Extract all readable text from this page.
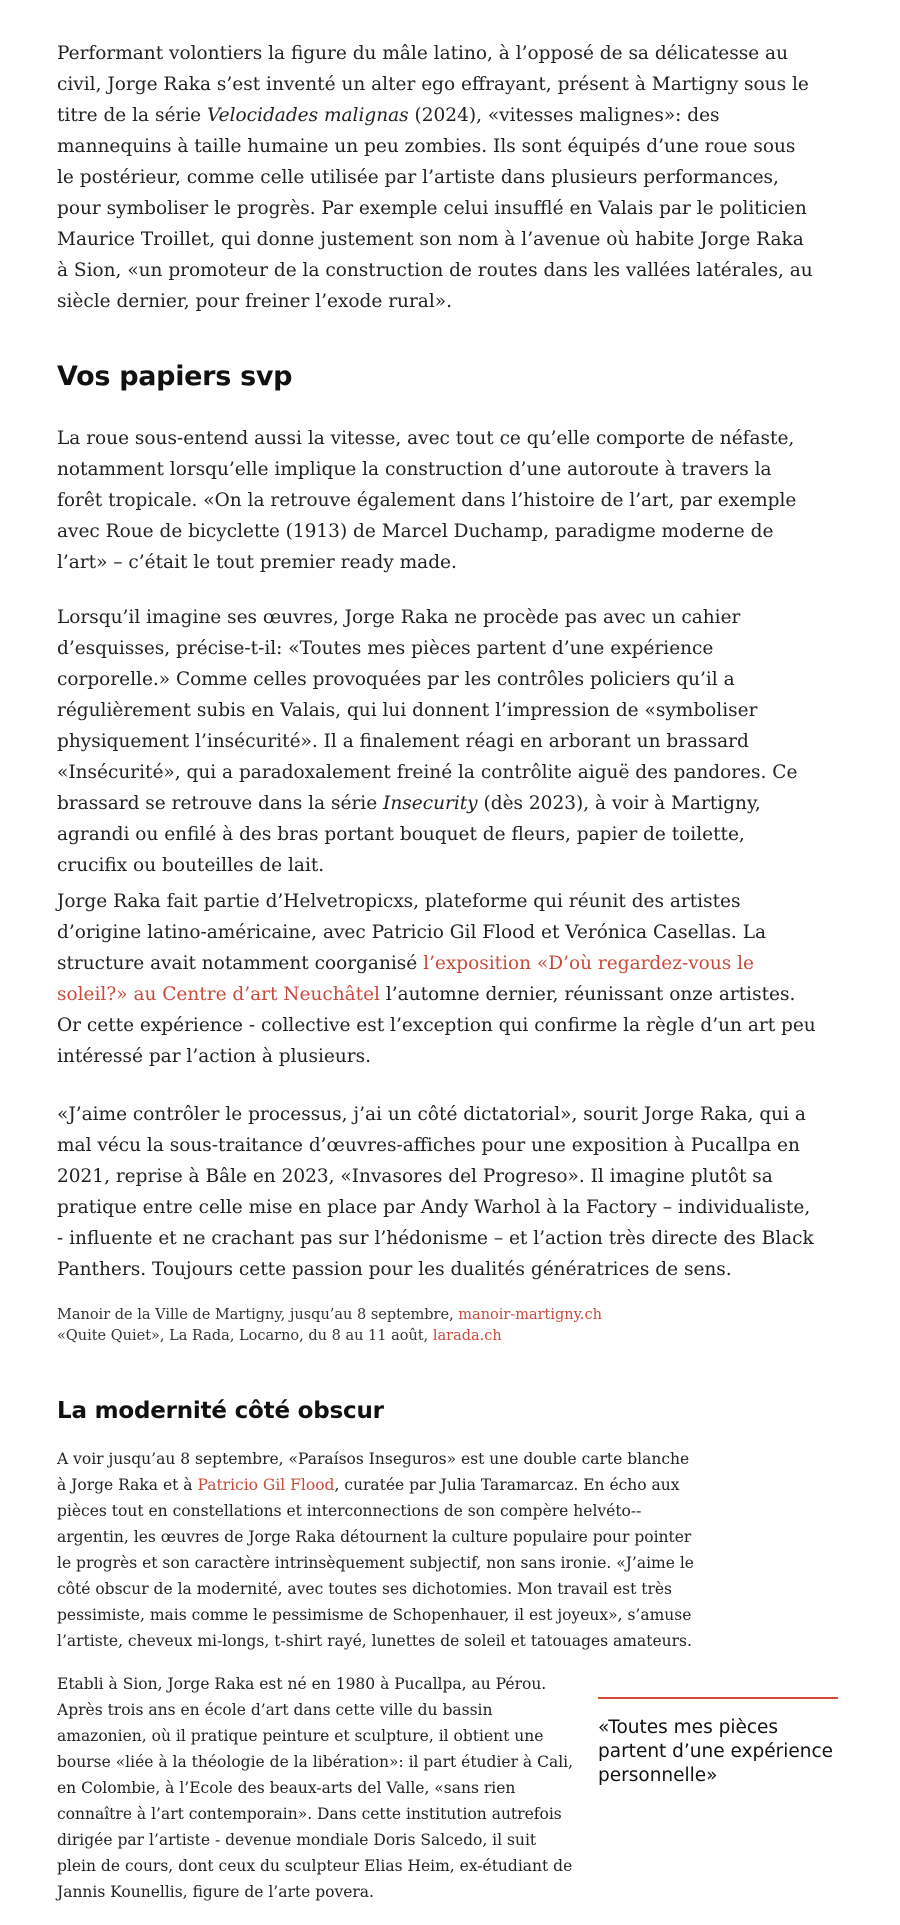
Performant volontiers la figure du mâle latino, à l’opposé de sa délicatesse au civil, Jorge Raka s’est inventé un alter ego effrayant, présent à Martigny sous le titre de la série Velocidades malignas (2024), «vitesses malignes»: des mannequins à taille humaine un peu zombies. Ils sont équipés d’une roue sous le postérieur, comme celle utilisée par l’artiste dans plusieurs performances, pour symboliser le progrès. Par exemple celui insufflé en Valais par le politicien Maurice Troillet, qui donne justement son nom à l’avenue où habite Jorge Raka à Sion, «un promoteur de la construction de routes dans les vallées latérales, au siècle dernier, pour freiner l’exode rural».

Vos papiers svp

La roue sous-entend aussi la vitesse, avec tout ce qu’elle comporte de néfaste, notamment lorsqu’elle implique la construction d’une autoroute à travers la forêt tropicale. «On la retrouve également dans l’histoire de l’art, par exemple avec Roue de bicyclette (1913) de Marcel Duchamp, paradigme moderne de l’art» – c’était le tout premier ready made.

Lorsqu’il imagine ses œuvres, Jorge Raka ne procède pas avec un cahier d’esquisses, précise-t-il: «Toutes mes pièces partent d’une expérience corporelle.» Comme celles provoquées par les contrôles policiers qu’il a régulièrement subis en Valais, qui lui donnent l’impression de «symboliser physiquement l’insécurité». Il a finalement réagi en arborant un brassard «Insécurité», qui a paradoxalement freiné la contrôlite aiguë des pandores. Ce brassard se retrouve dans la série Insecurity (dès 2023), à voir à Martigny, agrandi ou enfilé à des bras portant bouquet de fleurs, papier de toilette, crucifix ou bouteilles de lait.

Jorge Raka fait partie d’Helvetropicxs, plateforme qui réunit des artistes d’origine latino-américaine, avec Patricio Gil Flood et Verónica Casellas. La structure avait notamment coorganisé l’exposition «D’où regardez-vous le soleil?» au Centre d’art Neuchâtel l’automne dernier, réunissant onze artistes. Or cette expérience - collective est l’exception qui confirme la règle d’un art peu intéressé par l’action à plusieurs.

«J’aime contrôler le processus, j’ai un côté dictatorial», sourit Jorge Raka, qui a mal vécu la sous-traitance d’œuvres-affiches pour une exposition à Pucallpa en 2021, reprise à Bâle en 2023, «Invasores del Progreso». Il imagine plutôt sa pratique entre celle mise en place par Andy Warhol à la Factory – individualiste, - influente et ne crachant pas sur l’hédonisme – et l’action très directe des Black Panthers. Toujours cette passion pour les dualités génératrices de sens.

Manoir de la Ville de Martigny, jusqu’au 8 septembre, manoir-martigny.ch

«Quite Quiet», La Rada, Locarno, du 8 au 11 août, larada.ch

La modernité côté obscur

A voir jusqu’au 8 septembre, «Paraísos Inseguros» est une double carte blanche à Jorge Raka et à Patricio Gil Flood, curatée par Julia Taramarcaz. En écho aux pièces tout en constellations et interconnections de son compère helvéto-- argentin, les œuvres de Jorge Raka détournent la culture populaire pour pointer le progrès et son caractère intrinsèquement subjectif, non sans ironie. «J’aime le côté obscur de la modernité, avec toutes ses dichotomies. Mon travail est très pessimiste, mais comme le pessimisme de Schopenhauer, il est joyeux», s’amuse l’artiste, cheveux mi-longs, t-shirt rayé, lunettes de soleil et tatouages amateurs.

Etabli à Sion, Jorge Raka est né en 1980 à Pucallpa, au Pérou. Après trois ans en école d’art dans cette ville du bassin amazonien, où il pratique peinture et sculpture, il obtient une bourse «liée à la théologie de la libération»: il part étudier à Cali, en Colombie, à l’Ecole des beaux-arts del Valle, «sans rien connaître à l’art contemporain». Dans cette institution autrefois dirigée par l’artiste - devenue mondiale Doris Salcedo, il suit plein de cours, dont ceux du sculpteur Elias Heim, ex-étudiant de Jannis Kounellis, figure de l’arte povera.

«Toutes mes pièces partent d’une expérience personnelle»
